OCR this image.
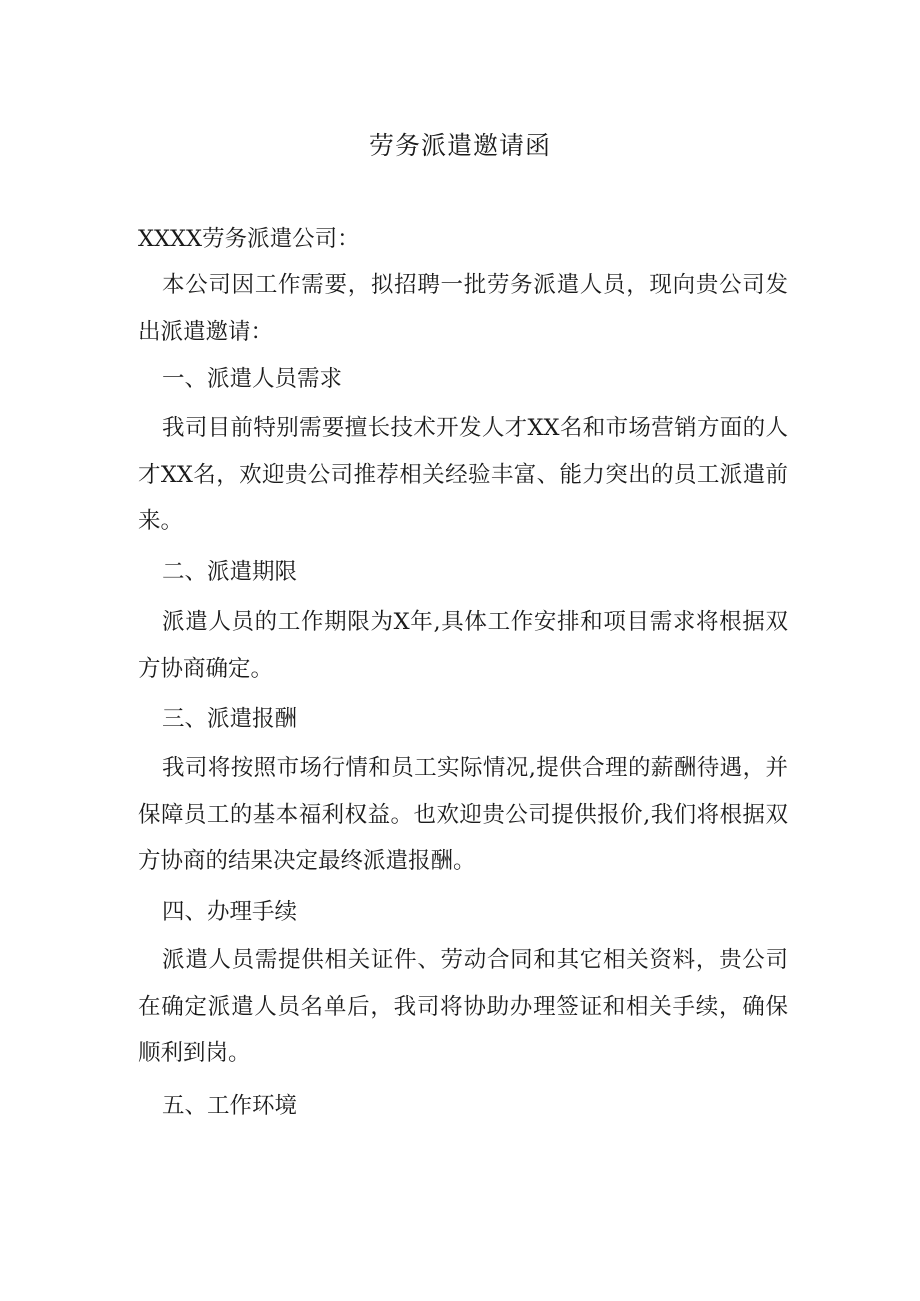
劳务派遣邀请函

XXXX劳务派遣公司：

本公司因工作需要，拟招聘一批劳务派遣人员，现向贵公司发出派遣邀请：

一、派遣人员需求

我司目前特别需要擅长技术开发人才XX名和市场营销方面的人才XX名，欢迎贵公司推荐相关经验丰富、能力突出的员工派遣前来。

二、派遣期限

派遣人员的工作期限为X年,具体工作安排和项目需求将根据双方协商确定。

三、派遣报酬

我司将按照市场行情和员工实际情况,提供合理的薪酬待遇，并保障员工的基本福利权益。也欢迎贵公司提供报价,我们将根据双方协商的结果决定最终派遣报酬。

四、办理手续

派遣人员需提供相关证件、劳动合同和其它相关资料，贵公司在确定派遣人员名单后，我司将协助办理签证和相关手续，确保顺利到岗。

五、工作环境
